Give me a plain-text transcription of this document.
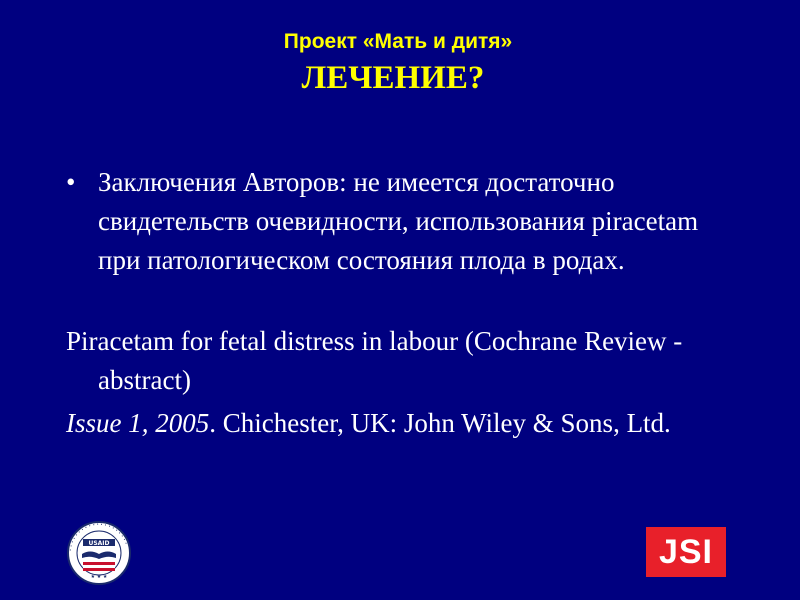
Проект «Мать и дитя»
ЛЕЧЕНИЕ?
• Заключения Авторов: не имеется достаточно
свидетельств очевидности, использования piracetam
при патологическом состояния плода в родах.
Piracetam for fetal distress in labour (Cochrane Review -
abstract)
Issue 1, 2005. Chichester, UK: John Wiley & Sons, Ltd.
· · · · · · · · · · · · · · · · · · · ·
USAID
★ ★ ★
JSI
